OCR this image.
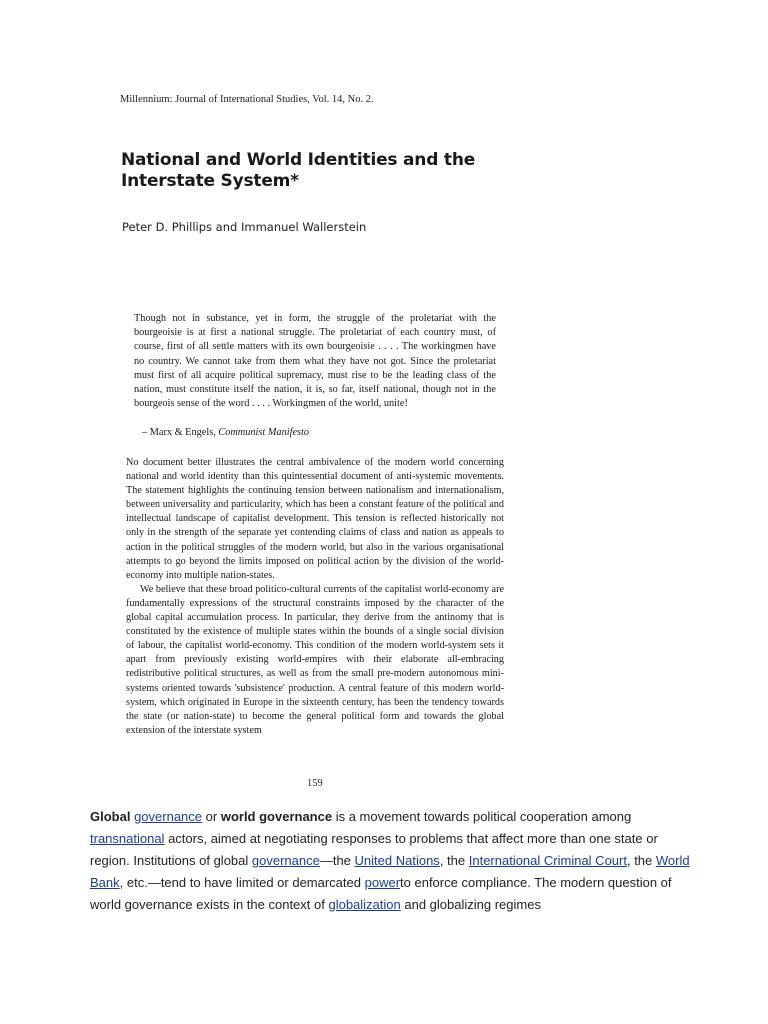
Millennium: Journal of International Studies, Vol. 14, No. 2.
National and World Identities and the Interstate System*
Peter D. Phillips and Immanuel Wallerstein
Though not in substance, yet in form, the struggle of the proletariat with the bourgeoisie is at first a national struggle. The proletariat of each country must, of course, first of all settle matters with its own bourgeoisie . . . . The workingmen have no country. We cannot take from them what they have not got. Since the proletariat must first of all acquire political supremacy, must rise to be the leading class of the nation, must constitute itself the nation, it is, so far, itself national, though not in the bourgeois sense of the word . . . . Workingmen of the world, unite!
– Marx & Engels, Communist Manifesto

No document better illustrates the central ambivalence of the modern world concerning national and world identity than this quintessential document of anti-systemic movements. The statement highlights the continuing tension between nationalism and internationalism, between universality and particularity, which has been a constant feature of the political and intellectual landscape of capitalist development. This tension is reflected historically not only in the strength of the separate yet contending claims of class and nation as appeals to action in the political struggles of the modern world, but also in the various organisational attempts to go beyond the limits imposed on political action by the division of the world-economy into multiple nation-states.

We believe that these broad politico-cultural currents of the capitalist world-economy are fundamentally expressions of the structural constraints imposed by the character of the global capital accumulation process. In particular, they derive from the antinomy that is constituted by the existence of multiple states within the bounds of a single social division of labour, the capitalist world-economy. This condition of the modern world-system sets it apart from previously existing world-empires with their elaborate all-embracing redistributive political structures, as well as from the small pre-modern autonomous mini-systems oriented towards 'subsistence' production. A central feature of this modern world-system, which originated in Europe in the sixteenth century, has been the tendency towards the state (or nation-state) to become the general political form and towards the global extension of the interstate system

159
Global governance or world governance is a movement towards political cooperation among transnational actors, aimed at negotiating responses to problems that affect more than one state or region. Institutions of global governance—the United Nations, the International Criminal Court, the World Bank, etc.—tend to have limited or demarcated powerto enforce compliance. The modern question of world governance exists in the context of globalization and globalizing regimes
